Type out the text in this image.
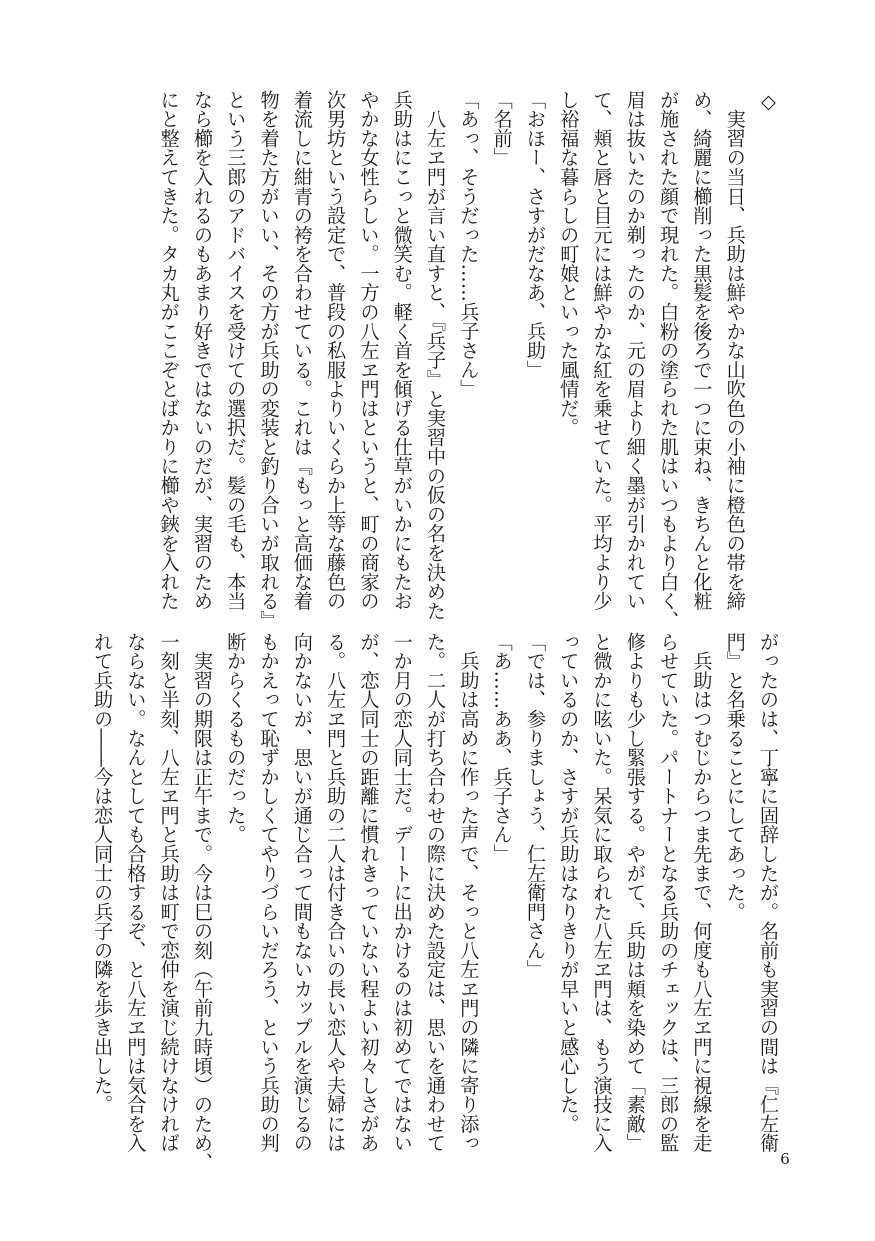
◇

　実習の当日、兵助は鮮やかな山吹色の小袖に橙色の帯を締

め、綺麗に櫛削った黒髪を後ろで一つに束ね、きちんと化粧

が施された顔で現れた。白粉の塗られた肌はいつもより白く、

眉は抜いたのか剃ったのか、元の眉より細く墨が引かれてい

て、頬と唇と目元には鮮やかな紅を乗せていた。平均より少

し裕福な暮らしの町娘といった風情だ。

「おほー、さすがだなあ、兵助」

「名前」

「あっ、そうだった……兵子さん」

　八左ヱ門が言い直すと、『兵子』と実習中の仮の名を決めた

兵助はにこっと微笑む。軽く首を傾げる仕草がいかにもたお

やかな女性らしい。一方の八左ヱ門はというと、町の商家の

次男坊という設定で、普段の私服よりいくらか上等な藤色の

着流しに紺青の袴を合わせている。これは『もっと高価な着

物を着た方がいい、その方が兵助の変装と釣り合いが取れる』

という三郎のアドバイスを受けての選択だ。髪の毛も、本当

なら櫛を入れるのもあまり好きではないのだが、実習のため

にと整えてきた。タカ丸がここぞとばかりに櫛や鋏を入れた

がったのは、丁寧に固辞したが。名前も実習の間は『仁左衛

門』と名乗ることにしてあった。

　兵助はつむじからつま先まで、何度も八左ヱ門に視線を走

らせていた。パートナーとなる兵助のチェックは、三郎の監

修よりも少し緊張する。やがて、兵助は頬を染めて「素敵」

と微かに呟いた。呆気に取られた八左ヱ門は、もう演技に入

っているのか、さすが兵助はなりきりが早いと感心した。

「では、参りましょう、仁左衛門さん」

「あ……ああ、兵子さん」

　兵助は高めに作った声で、そっと八左ヱ門の隣に寄り添っ

た。二人が打ち合わせの際に決めた設定は、思いを通わせて

一か月の恋人同士だ。デートに出かけるのは初めてではない

が、恋人同士の距離に慣れきっていない程よい初々しさがあ

る。八左ヱ門と兵助の二人は付き合いの長い恋人や夫婦には

向かないが、思いが通じ合って間もないカップルを演じるの

もかえって恥ずかしくてやりづらいだろう、という兵助の判

断からくるものだった。

　実習の期限は正午まで。今は巳の刻（午前九時頃）のため、

一刻と半刻、八左ヱ門と兵助は町で恋仲を演じ続けなければ

ならない。なんとしても合格するぞ、と八左ヱ門は気合を入

れて兵助の――今は恋人同士の兵子の隣を歩き出した。

6
